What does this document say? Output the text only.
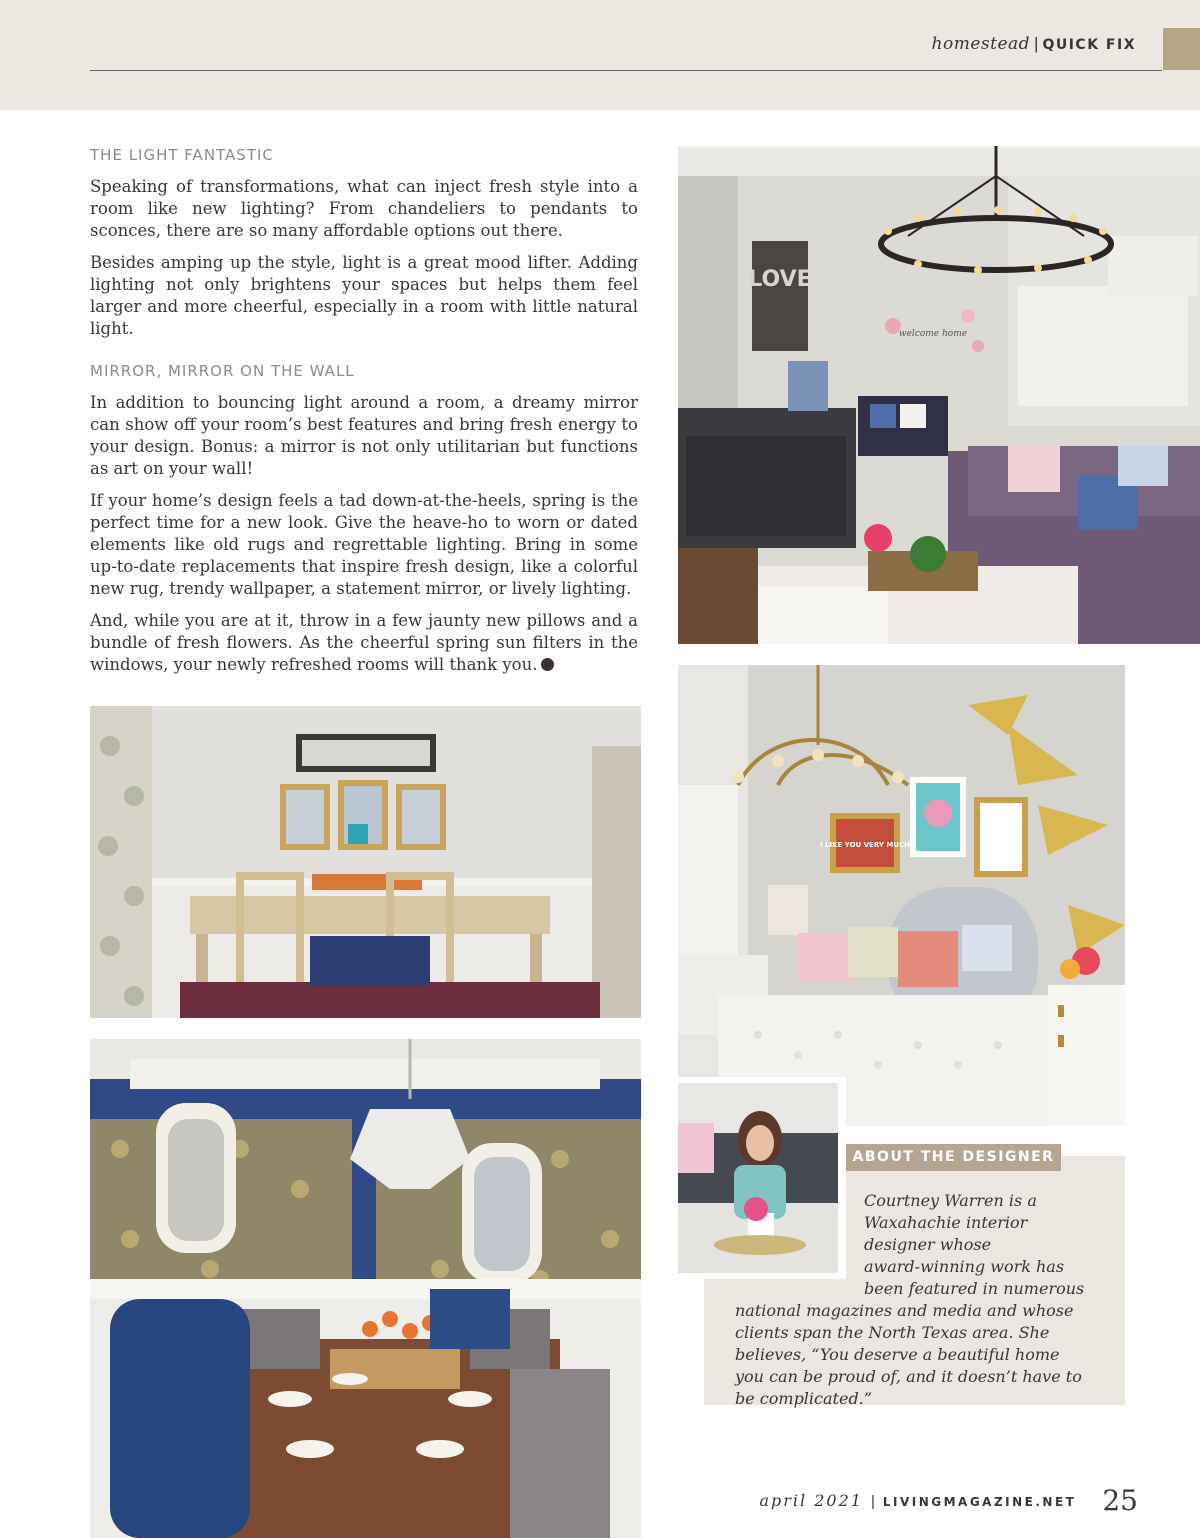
homestead | QUICK FIX
THE LIGHT FANTASTIC

Speaking of transformations, what can inject fresh style into a room like new lighting? From chandeliers to pendants to sconces, there are so many affordable options out there.

Besides amping up the style, light is a great mood lifter. Adding lighting not only brightens your spaces but helps them feel larger and more cheerful, especially in a room with little natural light.

MIRROR, MIRROR ON THE WALL

In addition to bouncing light around a room, a dreamy mirror can show off your room’s best features and bring fresh energy to your design. Bonus: a mirror is not only utilitarian but functions as art on your wall!

If your home’s design feels a tad down-at-the-heels, spring is the perfect time for a new look. Give the heave-ho to worn or dated elements like old rugs and regrettable lighting. Bring in some up-to-date replacements that inspire fresh design, like a colorful new rug, trendy wallpaper, a statement mirror, or lively lighting.

And, while you are at it, throw in a few jaunty new pillows and a bundle of fresh flowers. As the cheerful spring sun filters in the windows, your newly refreshed rooms will thank you.

LOVE
welcome home
I LIKE YOU VERY MUCH
ABOUT THE DESIGNER
Courtney Warren is a
Waxahachie interior
designer whose
award-winning work has
been featured in numerous
national magazines and media and whose
clients span the North Texas area. She
believes, “You deserve a beautiful home
you can be proud of, and it doesn’t have to
be complicated.”
april 2021 | LIVINGMAGAZINE.NET 25
